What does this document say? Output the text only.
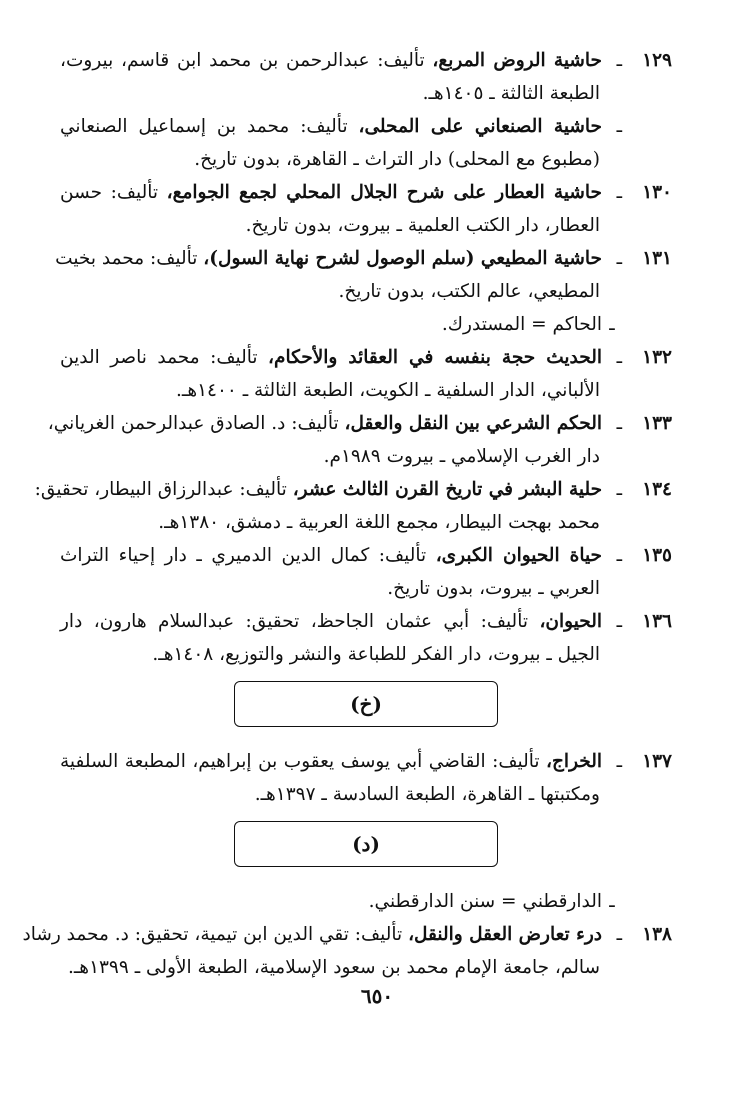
١٢٩ـحاشية الروض المربع، تأليف: عبدالرحمن بن محمد ابن قاسم، بيروت،
الطبعة الثالثة ـ ١٤٠٥هـ.
ـحاشية الصنعاني على المحلى، تأليف: محمد بن إسماعيل الصنعاني
(مطبوع مع المحلى) دار التراث ـ القاهرة، بدون تاريخ.
١٣٠ـحاشية العطار على شرح الجلال المحلي لجمع الجوامع، تأليف: حسن
العطار، دار الكتب العلمية ـ بيروت، بدون تاريخ.
١٣١ـحاشية المطيعي (سلم الوصول لشرح نهاية السول)، تأليف: محمد بخيت
المطيعي، عالم الكتب، بدون تاريخ.
ـالحاكم = المستدرك.
١٣٢ـالحديث حجة بنفسه في العقائد والأحكام، تأليف: محمد ناصر الدين
الألباني، الدار السلفية ـ الكويت، الطبعة الثالثة ـ ١٤٠٠هـ.
١٣٣ـالحكم الشرعي بين النقل والعقل، تأليف: د. الصادق عبدالرحمن الغرياني،
دار الغرب الإسلامي ـ بيروت ١٩٨٩م.
١٣٤ـحلية البشر في تاريخ القرن الثالث عشر، تأليف: عبدالرزاق البيطار، تحقيق:
محمد بهجت البيطار، مجمع اللغة العربية ـ دمشق، ١٣٨٠هـ.
١٣٥ـحياة الحيوان الكبرى، تأليف: كمال الدين الدميري ـ دار إحياء التراث
العربي ـ بيروت، بدون تاريخ.
١٣٦ـالحيوان، تأليف: أبي عثمان الجاحظ، تحقيق: عبدالسلام هارون، دار
الجيل ـ بيروت، دار الفكر للطباعة والنشر والتوزيع، ١٤٠٨هـ.
(خ)
١٣٧ـالخراج، تأليف: القاضي أبي يوسف يعقوب بن إبراهيم، المطبعة السلفية
ومكتبتها ـ القاهرة، الطبعة السادسة ـ ١٣٩٧هـ.
(د)
ـالدارقطني = سنن الدارقطني.
١٣٨ـدرء تعارض العقل والنقل، تأليف: تقي الدين ابن تيمية، تحقيق: د. محمد رشاد
سالم، جامعة الإمام محمد بن سعود الإسلامية، الطبعة الأولى ـ ١٣٩٩هـ.
٦٥٠
